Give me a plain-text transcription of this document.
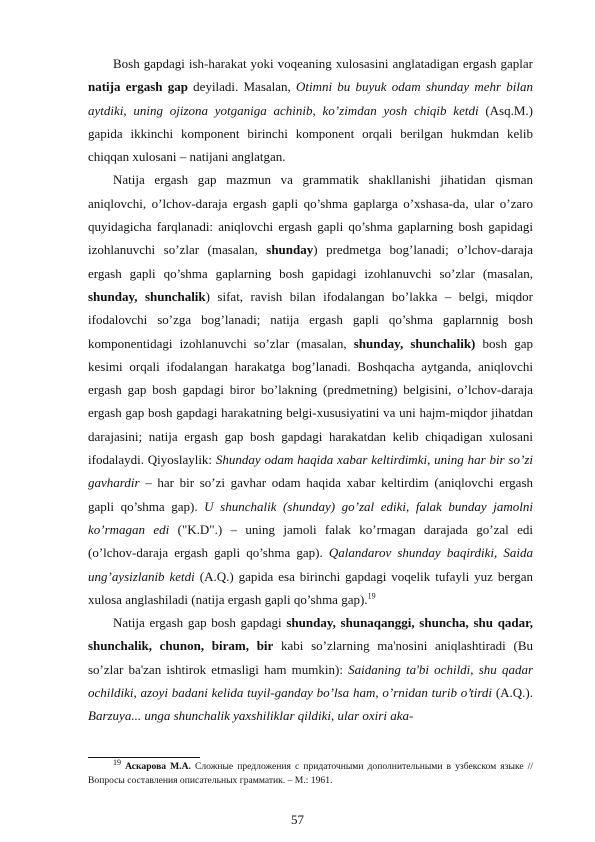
Bosh gapdagi ish-harakat yoki voqeaning xulosasini anglatadigan ergash gaplar natija ergash gap deyiladi. Masalan, Otimni bu buyuk odam shunday mehr bilan aytdiki, uning ojizona yotganiga achinib, ko’zimdan yosh chiqib ketdi (Asq.M.) gapida ikkinchi komponent birinchi komponent orqali berilgan hukmdan kelib chiqqan xulosani – natijani anglatgan.

Natija ergash gap mazmun va grammatik shakllanishi jihatidan qisman aniqlovchi, o’lchov-daraja ergash gapli qo’shma gaplarga o’xshasa-da, ular o’zaro quyidagicha farqlanadi: aniqlovchi ergash gapli qo’shma gaplarning bosh gapidagi izohlanuvchi so’zlar (masalan, shunday) predmetga bog’lanadi; o’lchov-daraja ergash gapli qo’shma gaplarning bosh gapidagi izohlanuvchi so’zlar (masalan, shunday, shunchalik) sifat, ravish bilan ifodalangan bo’lakka – belgi, miqdor ifodalovchi so’zga bog’lanadi; natija ergash gapli qo’shma gaplarnnig bosh komponentidagi izohlanuvchi so’zlar (masalan, shunday, shunchalik) bosh gap kesimi orqali ifodalangan harakatga bog’lanadi. Boshqacha aytganda, aniqlovchi ergash gap bosh gapdagi biror bo’lakning (predmetning) belgisini, o’lchov-daraja ergash gap bosh gapdagi harakatning belgi-xususiyatini va uni hajm-miqdor jihatdan darajasini; natija ergash gap bosh gapdagi harakatdan kelib chiqadigan xulosani ifodalaydi. Qiyoslaylik: Shunday odam haqida xabar keltirdimki, uning har bir so’zi gavhardir – har bir so’zi gavhar odam haqida xabar keltirdim (aniqlovchi ergash gapli qo’shma gap). U shunchalik (shunday) go’zal ediki, falak bunday jamolni ko’rmagan edi ("K.D".) – uning jamoli falak ko’rmagan darajada go’zal edi (o’lchov-daraja ergash gapli qo’shma gap). Qalandarov shunday baqirdiki, Saida ung’aysizlanib ketdi (A.Q.) gapida esa birinchi gapdagi voqelik tufayli yuz bergan xulosa anglashiladi (natija ergash gapli qo’shma gap).$^{19}$

Natija ergash gap bosh gapdagi shunday, shunaqanggi, shuncha, shu qadar, shunchalik, chunon, biram, bir kabi so’zlarning ma'nosini aniqlashtiradi (Bu so’zlar ba'zan ishtirok etmasligi ham mumkin): Saidaning ta'bi ochildi, shu qadar ochildiki, azoyi badani kelida tuyil-ganday bo’lsa ham, o’rnidan turib o’tirdi (A.Q.). Barzuya... unga shunchalik yaxshiliklar qildiki, ular oxiri aka-

$^{19}$ Аскарова М.А. Сложные предложения с придаточными дополнительными в узбекском языке // Вопросы составления описательных грамматик. – М.: 1961.
57
